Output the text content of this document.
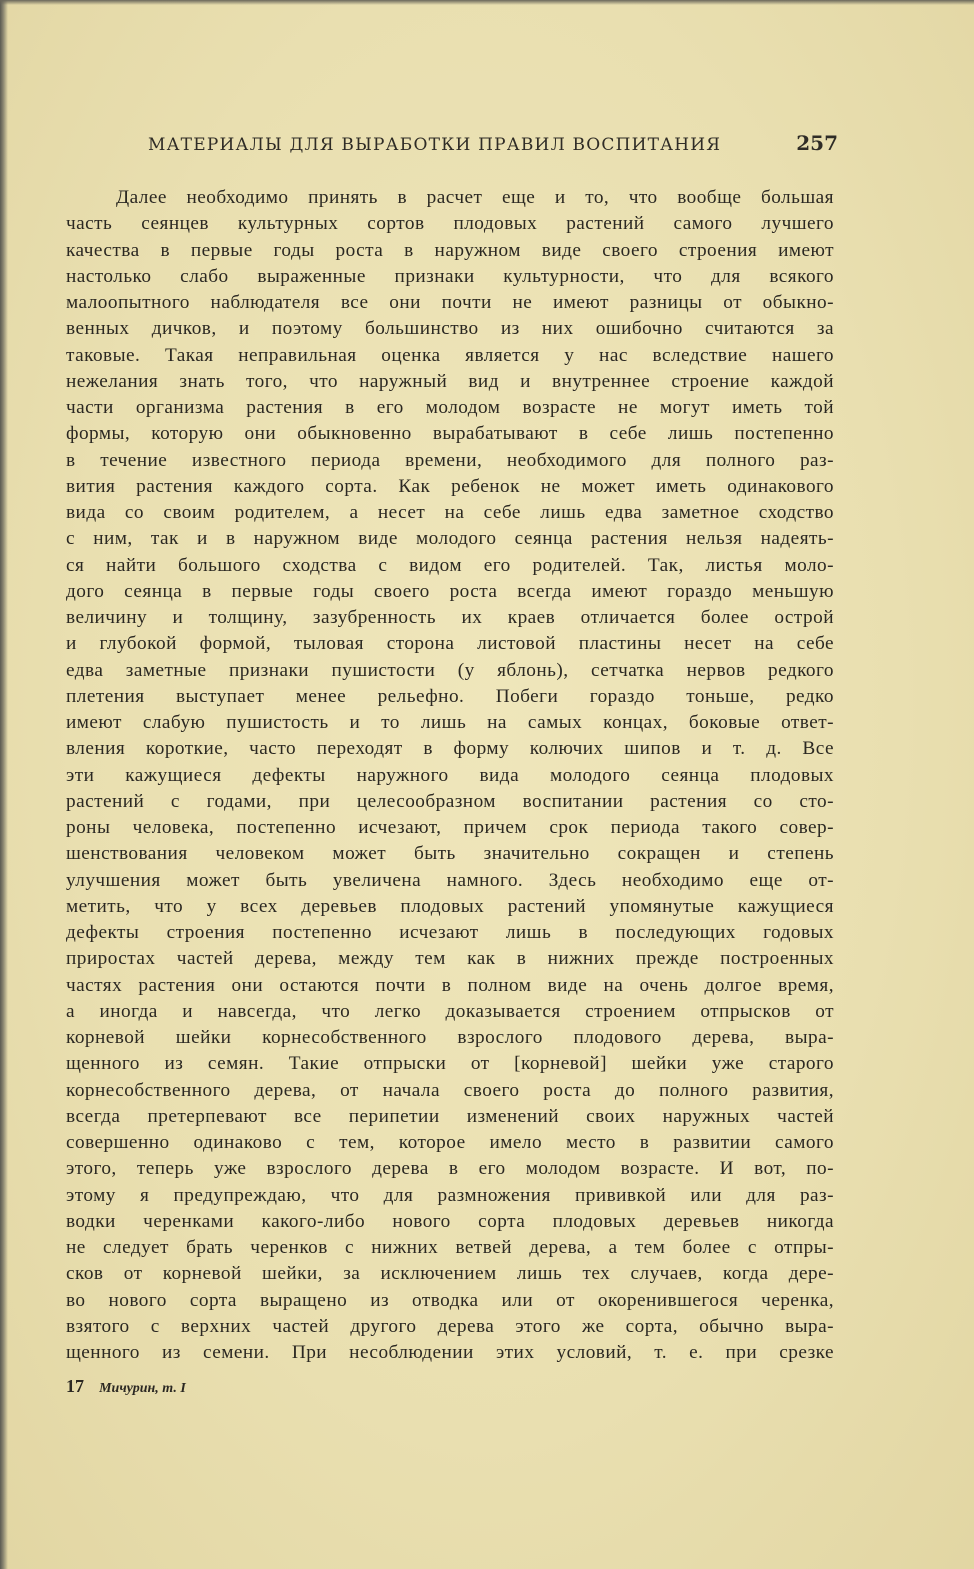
МАТЕРИАЛЫ ДЛЯ ВЫРАБОТКИ ПРАВИЛ ВОСПИТАНИЯ	257
Далее необходимо принять в расчет еще и то, что вообще большая
часть сеянцев культурных сортов плодовых растений самого лучшего
качества в первые годы роста в наружном виде своего строения имеют
настолько слабо выраженные признаки культурности, что для всякого
малоопытного наблюдателя все они почти не имеют разницы от обыкно-
венных дичков, и поэтому большинство из них ошибочно считаются за
таковые. Такая неправильная оценка является у нас вследствие нашего
нежелания знать того, что наружный вид и внутреннее строение каждой
части организма растения в его молодом возрасте не могут иметь той
формы, которую они обыкновенно вырабатывают в себе лишь постепенно
в течение известного периода времени, необходимого для полного раз-
вития растения каждого сорта. Как ребенок не может иметь одинакового
вида со своим родителем, а несет на себе лишь едва заметное сходство
с ним, так и в наружном виде молодого сеянца растения нельзя надеять-
ся найти большого сходства с видом его родителей. Так, листья моло-
дого сеянца в первые годы своего роста всегда имеют гораздо меньшую
величину и толщину, зазубренность их краев отличается более острой
и глубокой формой, тыловая сторона листовой пластины несет на себе
едва заметные признаки пушистости (у яблонь), сетчатка нервов редкого
плетения выступает менее рельефно. Побеги гораздо тоньше, редко
имеют слабую пушистость и то лишь на самых концах, боковые ответ-
вления короткие, часто переходят в форму колючих шипов и т. д. Все
эти кажущиеся дефекты наружного вида молодого сеянца плодовых
растений с годами, при целесообразном воспитании растения со сто-
роны человека, постепенно исчезают, причем срок периода такого совер-
шенствования человеком может быть значительно сокращен и степень
улучшения может быть увеличена намного. Здесь необходимо еще от-
метить, что у всех деревьев плодовых растений упомянутые кажущиеся
дефекты строения постепенно исчезают лишь в последующих годовых
приростах частей дерева, между тем как в нижних прежде построенных
частях растения они остаются почти в полном виде на очень долгое время,
а иногда и навсегда, что легко доказывается строением отпрысков от
корневой шейки корнесобственного взрослого плодового дерева, выра-
щенного из семян. Такие отпрыски от [корневой] шейки уже старого
корнесобственного дерева, от начала своего роста до полного развития,
всегда претерпевают все перипетии изменений своих наружных частей
совершенно одинаково с тем, которое имело место в развитии самого
этого, теперь уже взрослого дерева в его молодом возрасте. И вот, по-
этому я предупреждаю, что для размножения прививкой или для раз-
водки черенками какого-либо нового сорта плодовых деревьев никогда
не следует брать черенков с нижних ветвей дерева, а тем более с отпры-
сков от корневой шейки, за исключением лишь тех случаев, когда дере-
во нового сорта выращено из отводка или от окоренившегося черенка,
взятого с верхних частей другого дерева этого же сорта, обычно выра-
щенного из семени. При несоблюдении этих условий, т. е. при срезке
17 Мичурин, т. I
